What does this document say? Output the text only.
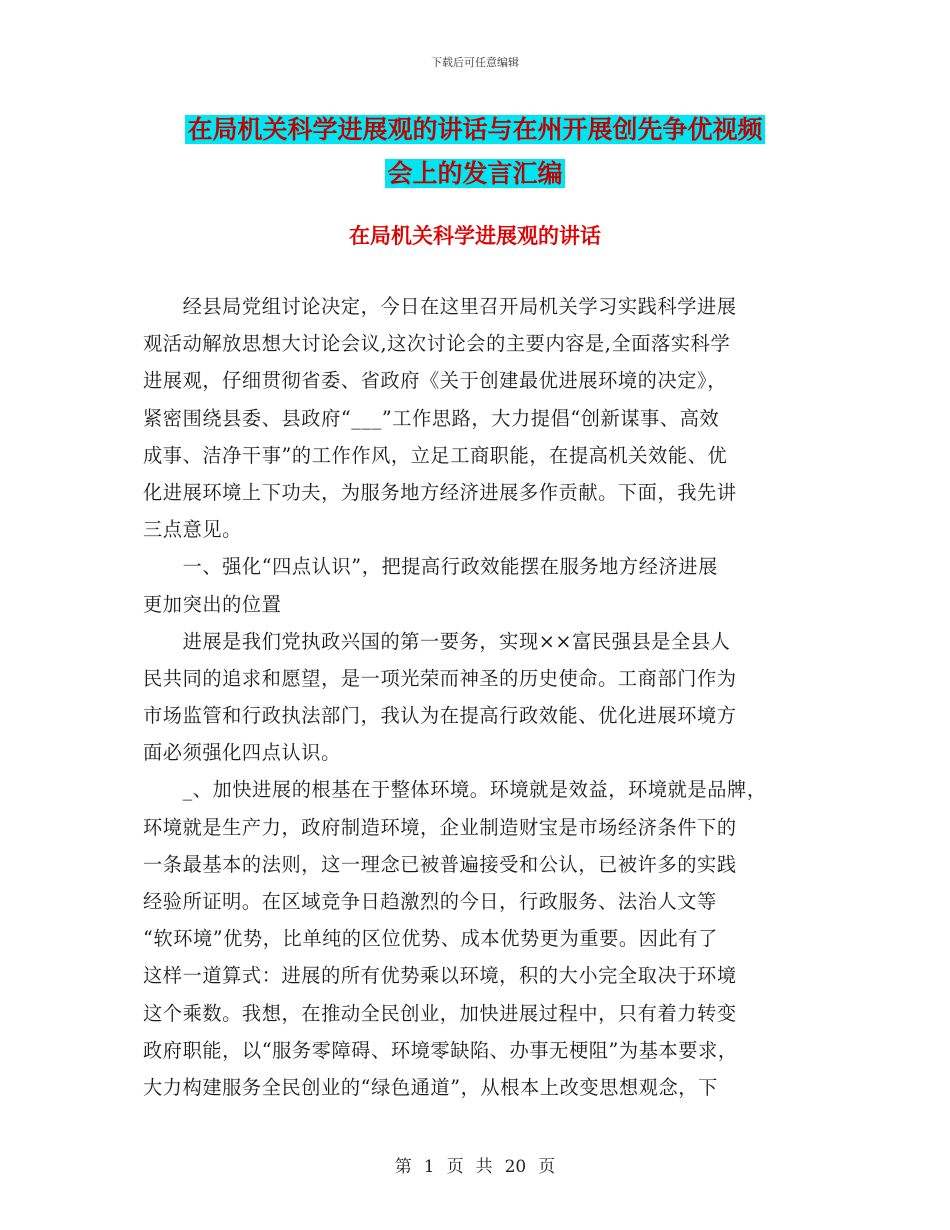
下载后可任意编辑
在局机关科学进展观的讲话与在州开展创先争优视频
会上的发言汇编
在局机关科学进展观的讲话
　　经县局党组讨论决定，今日在这里召开局机关学习实践科学进展
观活动解放思想大讨论会议,这次讨论会的主要内容是,全面落实科学
进展观，仔细贯彻省委、省政府《关于创建最优进展环境的决定》，
紧密围绕县委、县政府“___”工作思路，大力提倡“创新谋事、高效
成事、洁净干事”的工作作风，立足工商职能，在提高机关效能、优
化进展环境上下功夫，为服务地方经济进展多作贡献。下面，我先讲
三点意见。
　　一、强化“四点认识”，把提高行政效能摆在服务地方经济进展
更加突出的位置
　　进展是我们党执政兴国的第一要务，实现××富民强县是全县人
民共同的追求和愿望，是一项光荣而神圣的历史使命。工商部门作为
市场监管和行政执法部门，我认为在提高行政效能、优化进展环境方
面必须强化四点认识。
　　_、加快进展的根基在于整体环境。环境就是效益，环境就是品牌，
环境就是生产力，政府制造环境，企业制造财宝是市场经济条件下的
一条最基本的法则，这一理念已被普遍接受和公认，已被许多的实践
经验所证明。在区域竞争日趋激烈的今日，行政服务、法治人文等
“软环境”优势，比单纯的区位优势、成本优势更为重要。因此有了
这样一道算式：进展的所有优势乘以环境，积的大小完全取决于环境
这个乘数。我想，在推动全民创业，加快进展过程中，只有着力转变
政府职能，以“服务零障碍、环境零缺陷、办事无梗阻”为基本要求，
大力构建服务全民创业的“绿色通道”，从根本上改变思想观念，下
第 1 页 共 20 页
